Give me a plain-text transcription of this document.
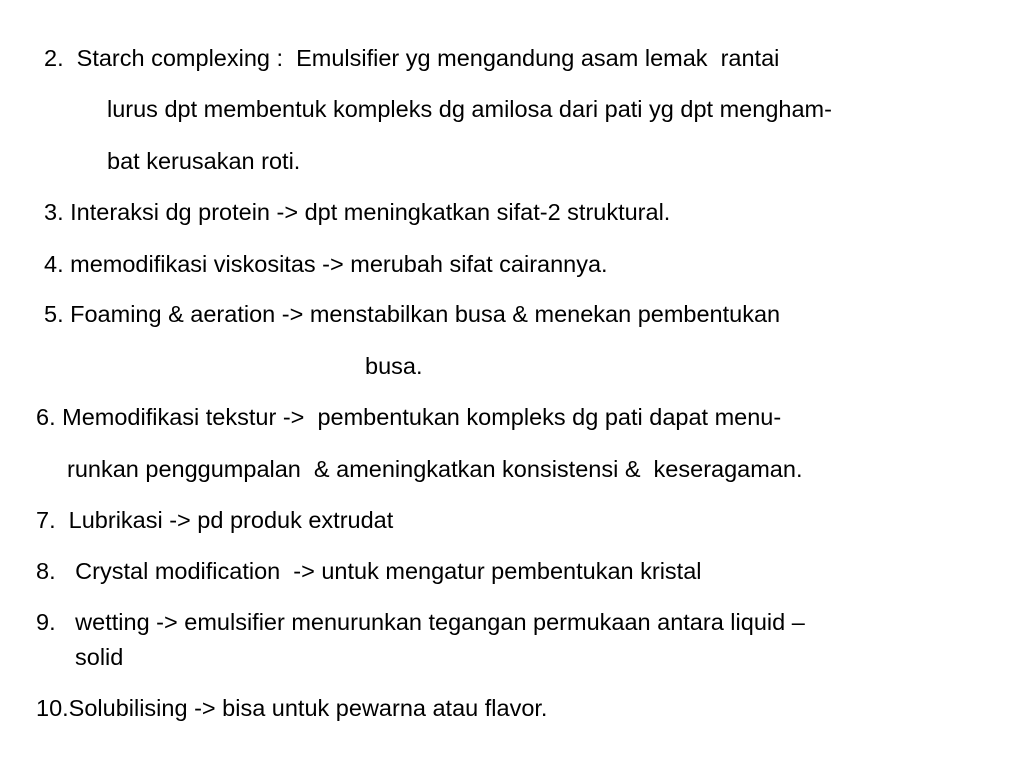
2.  Starch complexing :  Emulsifier yg mengandung asam lemak  rantai

lurus dpt membentuk kompleks dg amilosa dari pati yg dpt mengham-

bat kerusakan roti.

3. Interaksi dg protein -> dpt meningkatkan sifat-2 struktural.

4. memodifikasi viskositas -> merubah sifat cairannya.

5. Foaming & aeration -> menstabilkan busa & menekan pembentukan

busa.

6. Memodifikasi tekstur ->  pembentukan kompleks dg pati dapat menu-

runkan penggumpalan  & ameningkatkan konsistensi &  keseragaman.

7.  Lubrikasi -> pd produk extrudat

8.   Crystal modification  -> untuk mengatur pembentukan kristal

9.   wetting -> emulsifier menurunkan tegangan permukaan antara liquid –

solid

10.Solubilising -> bisa untuk pewarna atau flavor.
